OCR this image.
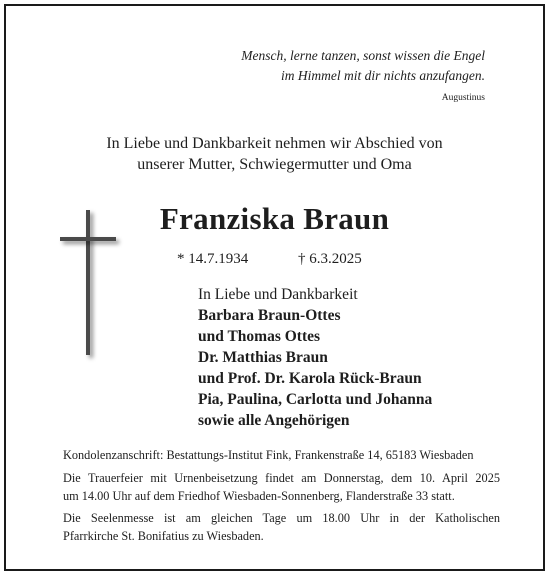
Mensch, lerne tanzen, sonst wissen die Engel
im Himmel mit dir nichts anzufangen.
Augustinus
In Liebe und Dankbarkeit nehmen wir Abschied von
unserer Mutter, Schwiegermutter und Oma
Franziska Braun
* 14.7.1934	† 6.3.2025
In Liebe und Dankbarkeit
Barbara Braun-Ottes
und Thomas Ottes
Dr. Matthias Braun
und Prof. Dr. Karola Rück-Braun
Pia, Paulina, Carlotta und Johanna
sowie alle Angehörigen
Kondolenzanschrift: Bestattungs-Institut Fink, Frankenstraße 14, 65183 Wiesbaden
Die Trauerfeier mit Urnenbeisetzung findet am Donnerstag, dem 10. April 2025
um 14.00 Uhr auf dem Friedhof Wiesbaden-Sonnenberg, Flanderstraße 33 statt.
Die Seelenmesse ist am gleichen Tage um 18.00 Uhr in der Katholischen
Pfarrkirche St. Bonifatius zu Wiesbaden.
